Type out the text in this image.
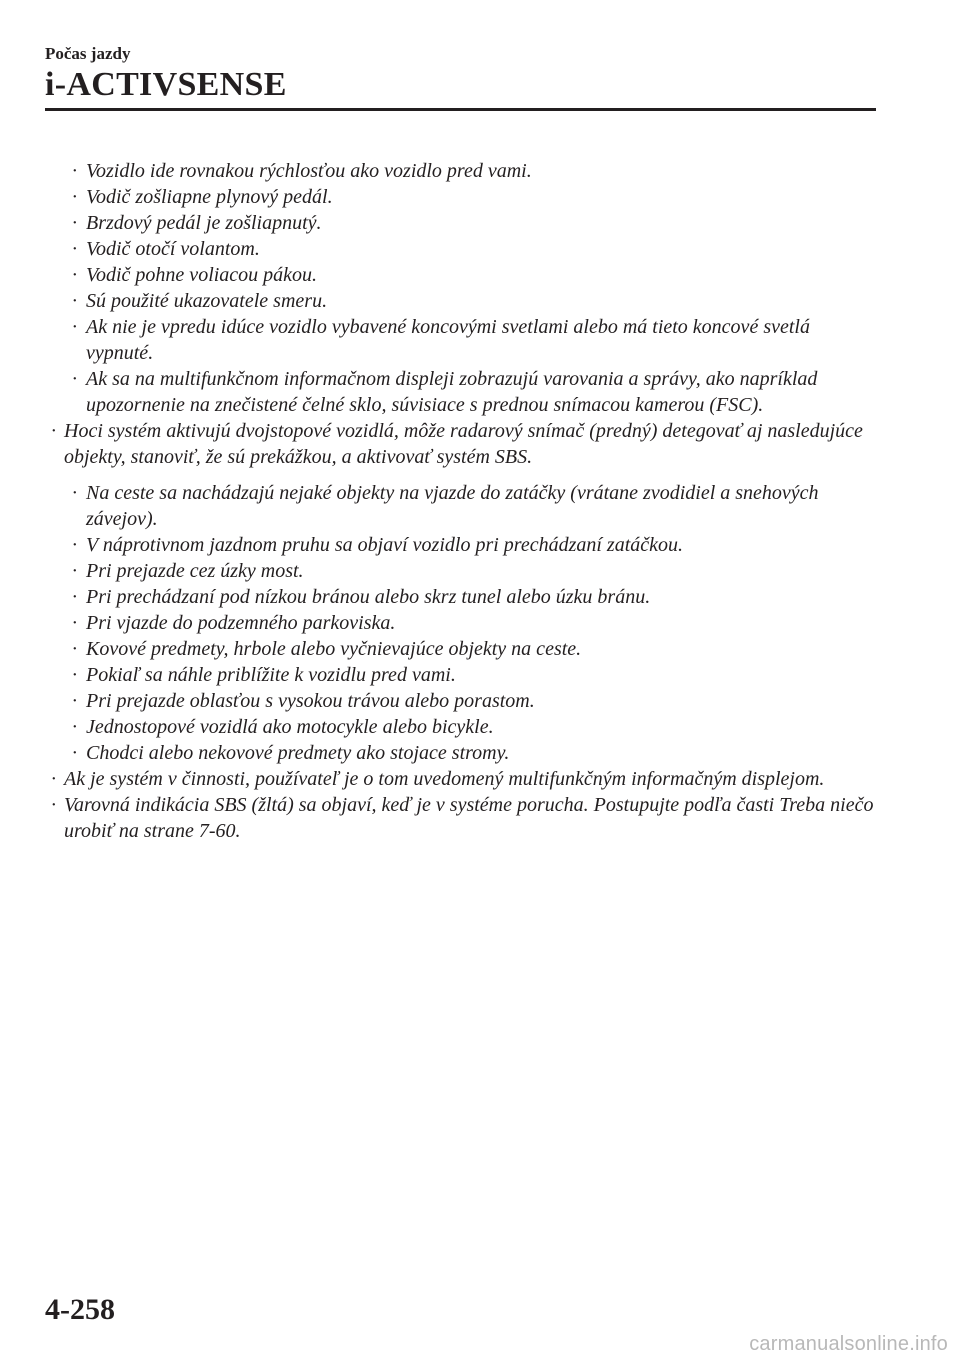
Počas jazdy
i-ACTIVSENSE
· Vozidlo ide rovnakou rýchlosťou ako vozidlo pred vami.
· Vodič zošliapne plynový pedál.
· Brzdový pedál je zošliapnutý.
· Vodič otočí volantom.
· Vodič pohne voliacou pákou.
· Sú použité ukazovatele smeru.
· Ak nie je vpredu idúce vozidlo vybavené koncovými svetlami alebo má tieto koncové svetlá vypnuté.
· Ak sa na multifunkčnom informačnom displeji zobrazujú varovania a správy, ako napríklad upozornenie na znečistené čelné sklo, súvisiace s prednou snímacou kamerou (FSC).
· Hoci systém aktivujú dvojstopové vozidlá, môže radarový snímač (predný) detegovať aj nasledujúce objekty, stanoviť, že sú prekážkou, a aktivovať systém SBS.
· Na ceste sa nachádzajú nejaké objekty na vjazde do zatáčky (vrátane zvodidiel a snehových závejov).
· V náprotivnom jazdnom pruhu sa objaví vozidlo pri prechádzaní zatáčkou.
· Pri prejazde cez úzky most.
· Pri prechádzaní pod nízkou bránou alebo skrz tunel alebo úzku bránu.
· Pri vjazde do podzemného parkoviska.
· Kovové predmety, hrbole alebo vyčnievajúce objekty na ceste.
· Pokiaľ sa náhle priblížite k vozidlu pred vami.
· Pri prejazde oblasťou s vysokou trávou alebo porastom.
· Jednostopové vozidlá ako motocykle alebo bicykle.
· Chodci alebo nekovové predmety ako stojace stromy.
· Ak je systém v činnosti, používateľ je o tom uvedomený multifunkčným informačným displejom.
· Varovná indikácia SBS (žltá) sa objaví, keď je v systéme porucha. Postupujte podľa časti Treba niečo urobiť na strane 7-60.
4-258
carmanualsonline.info
